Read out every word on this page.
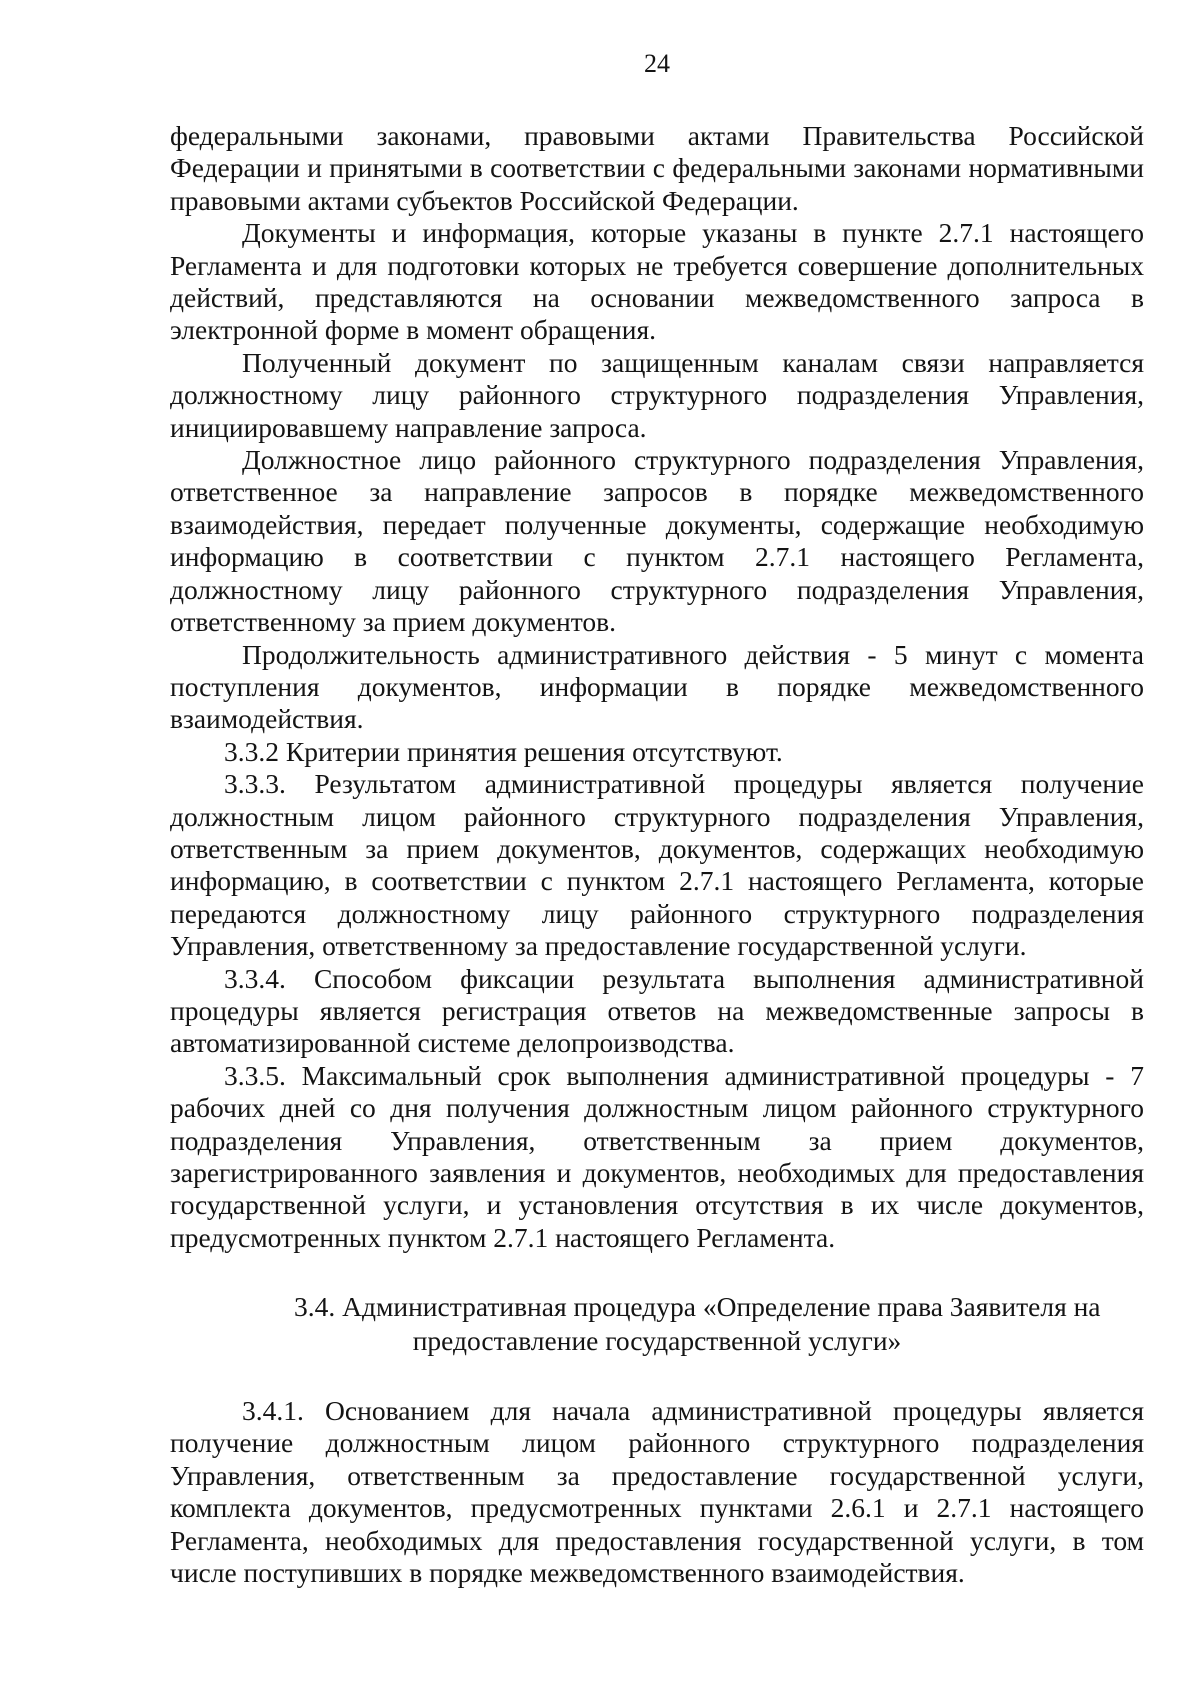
24

федеральными законами, правовыми актами Правительства Российской Федерации и принятыми в соответствии с федеральными законами нормативными правовыми актами субъектов Российской Федерации.

Документы и информация, которые указаны в пункте 2.7.1 настоящего Регламента и для подготовки которых не требуется совершение дополнительных действий, представляются на основании межведомственного запроса в электронной форме в момент обращения.

Полученный документ по защищенным каналам связи направляется должностному лицу районного структурного подразделения Управления, инициировавшему направление запроса.

Должностное лицо районного структурного подразделения Управления, ответственное за направление запросов в порядке межведомственного взаимодействия, передает полученные документы, содержащие необходимую информацию в соответствии с пунктом 2.7.1 настоящего Регламента, должностному лицу районного структурного подразделения Управления, ответственному за прием документов.

Продолжительность административного действия - 5 минут с момента поступления документов, информации в порядке межведомственного взаимодействия.

3.3.2 Критерии принятия решения отсутствуют.

3.3.3. Результатом административной процедуры является получение должностным лицом районного структурного подразделения Управления, ответственным за прием документов, документов, содержащих необходимую информацию, в соответствии с пунктом 2.7.1 настоящего Регламента, которые передаются должностному лицу районного структурного подразделения Управления, ответственному за предоставление государственной услуги.

3.3.4. Способом фиксации результата выполнения административной процедуры является регистрация ответов на межведомственные запросы в автоматизированной системе делопроизводства.

3.3.5. Максимальный срок выполнения административной процедуры - 7 рабочих дней со дня получения должностным лицом районного структурного подразделения Управления, ответственным за прием документов, зарегистрированного заявления и документов, необходимых для предоставления государственной услуги, и установления отсутствия в их числе документов, предусмотренных пунктом 2.7.1 настоящего Регламента.

3.4. Административная процедура «Определение права Заявителя на
предоставление государственной услуги»

3.4.1. Основанием для начала административной процедуры является получение должностным лицом районного структурного подразделения Управления, ответственным за предоставление государственной услуги, комплекта документов, предусмотренных пунктами 2.6.1 и 2.7.1 настоящего Регламента, необходимых для предоставления государственной услуги, в том числе поступивших в порядке межведомственного взаимодействия.
